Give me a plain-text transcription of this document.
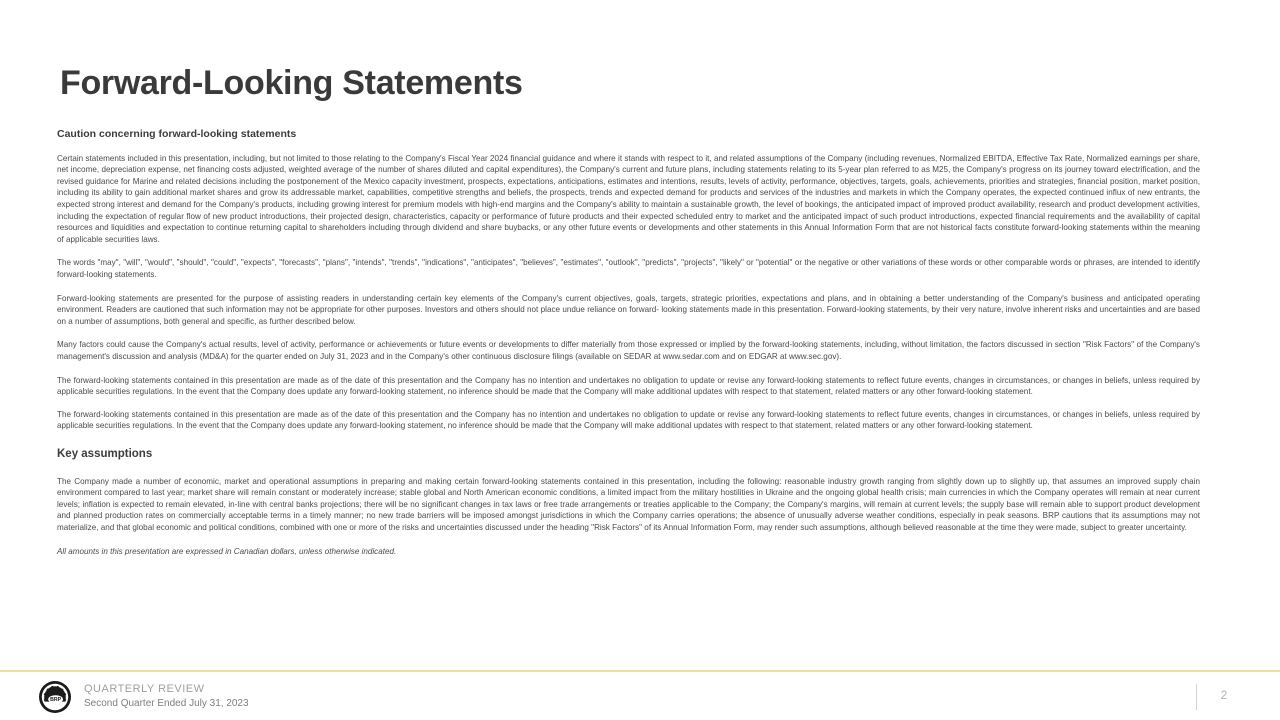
Forward-Looking Statements
Caution concerning forward-looking statements

Certain statements included in this presentation, including, but not limited to those relating to the Company's Fiscal Year 2024 financial guidance and where it stands with respect to it, and related assumptions of the Company (including revenues, Normalized EBITDA, Effective Tax Rate, Normalized earnings per share, net income, depreciation expense, net financing costs adjusted, weighted average of the number of shares diluted and capital expenditures), the Company's current and future plans, including statements relating to its 5-year plan referred to as M25, the Company's progress on its journey toward electrification, and the revised guidance for Marine and related decisions including the postponement of the Mexico capacity investment, prospects, expectations, anticipations, estimates and intentions, results, levels of activity, performance, objectives, targets, goals, achievements, priorities and strategies, financial position, market position, including its ability to gain additional market shares and grow its addressable market, capabilities, competitive strengths and beliefs, the prospects, trends and expected demand for products and services of the industries and markets in which the Company operates, the expected continued influx of new entrants, the expected strong interest and demand for the Company's products, including growing interest for premium models with high-end margins and the Company's ability to maintain a sustainable growth, the level of bookings, the anticipated impact of improved product availability, research and product development activities, including the expectation of regular flow of new product introductions, their projected design, characteristics, capacity or performance of future products and their expected scheduled entry to market and the anticipated impact of such product introductions, expected financial requirements and the availability of capital resources and liquidities and expectation to continue returning capital to shareholders including through dividend and share buybacks, or any other future events or developments and other statements in this Annual Information Form that are not historical facts constitute forward-looking statements within the meaning of applicable securities laws.

The words "may", "will", "would", "should", "could", "expects", "forecasts", "plans", "intends", "trends", "indications", "anticipates", "believes", "estimates", "outlook", "predicts", "projects", "likely" or "potential" or the negative or other variations of these words or other comparable words or phrases, are intended to identify forward-looking statements.

Forward-looking statements are presented for the purpose of assisting readers in understanding certain key elements of the Company's current objectives, goals, targets, strategic priorities, expectations and plans, and in obtaining a better understanding of the Company's business and anticipated operating environment. Readers are cautioned that such information may not be appropriate for other purposes. Investors and others should not place undue reliance on forward- looking statements made in this presentation. Forward-looking statements, by their very nature, involve inherent risks and uncertainties and are based on a number of assumptions, both general and specific, as further described below.

Many factors could cause the Company's actual results, level of activity, performance or achievements or future events or developments to differ materially from those expressed or implied by the forward-looking statements, including, without limitation, the factors discussed in section "Risk Factors" of the Company's management's discussion and analysis (MD&A) for the quarter ended on July 31, 2023 and in the Company's other continuous disclosure filings (available on SEDAR at www.sedar.com and on EDGAR at www.sec.gov).

The forward-looking statements contained in this presentation are made as of the date of this presentation and the Company has no intention and undertakes no obligation to update or revise any forward-looking statements to reflect future events, changes in circumstances, or changes in beliefs, unless required by applicable securities regulations. In the event that the Company does update any forward-looking statement, no inference should be made that the Company will make additional updates with respect to that statement, related matters or any other forward-looking statement.

The forward-looking statements contained in this presentation are made as of the date of this presentation and the Company has no intention and undertakes no obligation to update or revise any forward-looking statements to reflect future events, changes in circumstances, or changes in beliefs, unless required by applicable securities regulations. In the event that the Company does update any forward-looking statement, no inference should be made that the Company will make additional updates with respect to that statement, related matters or any other forward-looking statement.

Key assumptions

The Company made a number of economic, market and operational assumptions in preparing and making certain forward-looking statements contained in this presentation, including the following: reasonable industry growth ranging from slightly down up to slightly up, that assumes an improved supply chain environment compared to last year; market share will remain constant or moderately increase; stable global and North American economic conditions, a limited impact from the military hostilities in Ukraine and the ongoing global health crisis; main currencies in which the Company operates will remain at near current levels; inflation is expected to remain elevated, in-line with central banks projections; there will be no significant changes in tax laws or free trade arrangements or treaties applicable to the Company; the Company's margins, will remain at current levels; the supply base will remain able to support product development and planned production rates on commercially acceptable terms in a timely manner; no new trade barriers will be imposed amongst jurisdictions in which the Company carries operations; the absence of unusually adverse weather conditions, especially in peak seasons. BRP cautions that its assumptions may not materialize, and that global economic and political conditions, combined with one or more of the risks and uncertainties discussed under the heading "Risk Factors" of its Annual Information Form, may render such assumptions, although believed reasonable at the time they were made, subject to greater uncertainty.

All amounts in this presentation are expressed in Canadian dollars, unless otherwise indicated.

BRP
QUARTERLY REVIEW
Second Quarter Ended July 31, 2023
2
